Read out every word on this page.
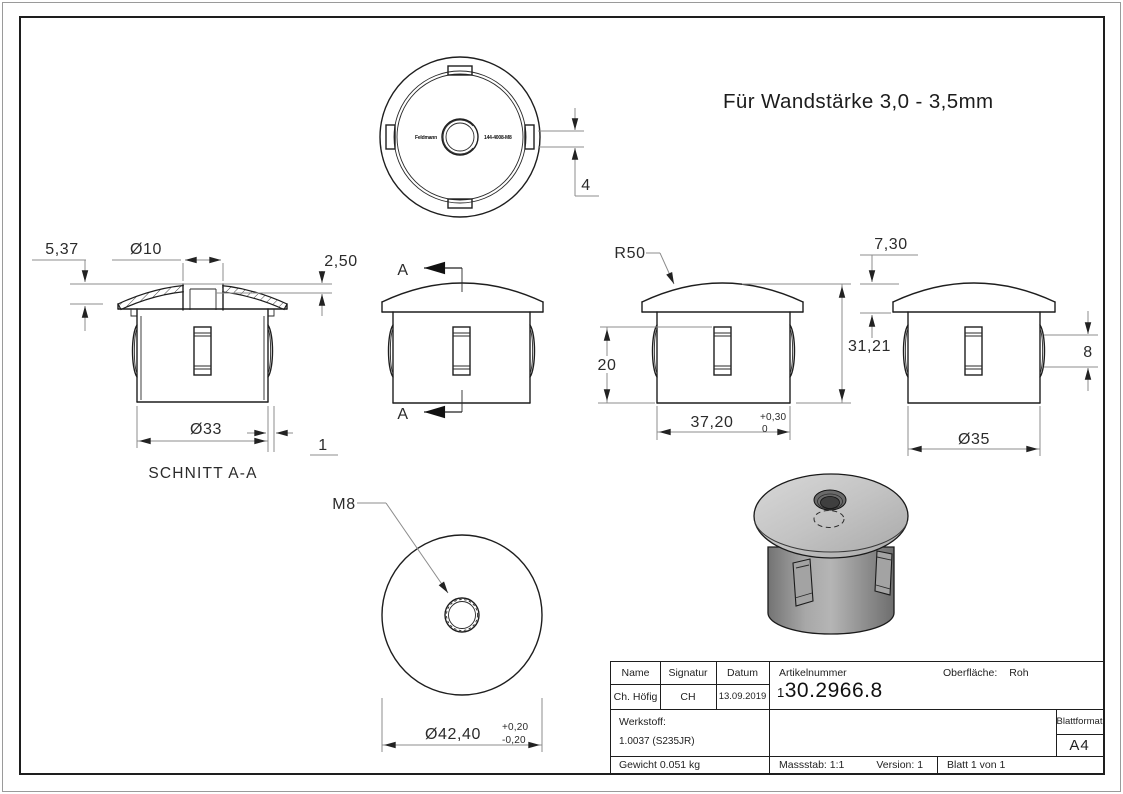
Für Wandstärke 3,0 - 3,5mm
Feldmann	144-4008-M8
4
5,37	Ø10
2,50
Ø33
1
SCHNITT A-A
A
A
R50
20
31,21
37,20	+0,30
0
7,30
8
Ø35
M8
Ø42,40 +0,20
-0,20
Name	Signatur	Datum
Ch. Höfig	CH	13.09.2019
Artikelnummer	Oberfläche: Roh
130.2966.8
Werkstoff:
1.0037 (S235JR)
Blattformat
A4
Gewicht 0.051 kg	Massstab: 1:1	Version: 1 Blatt 1 von 1
